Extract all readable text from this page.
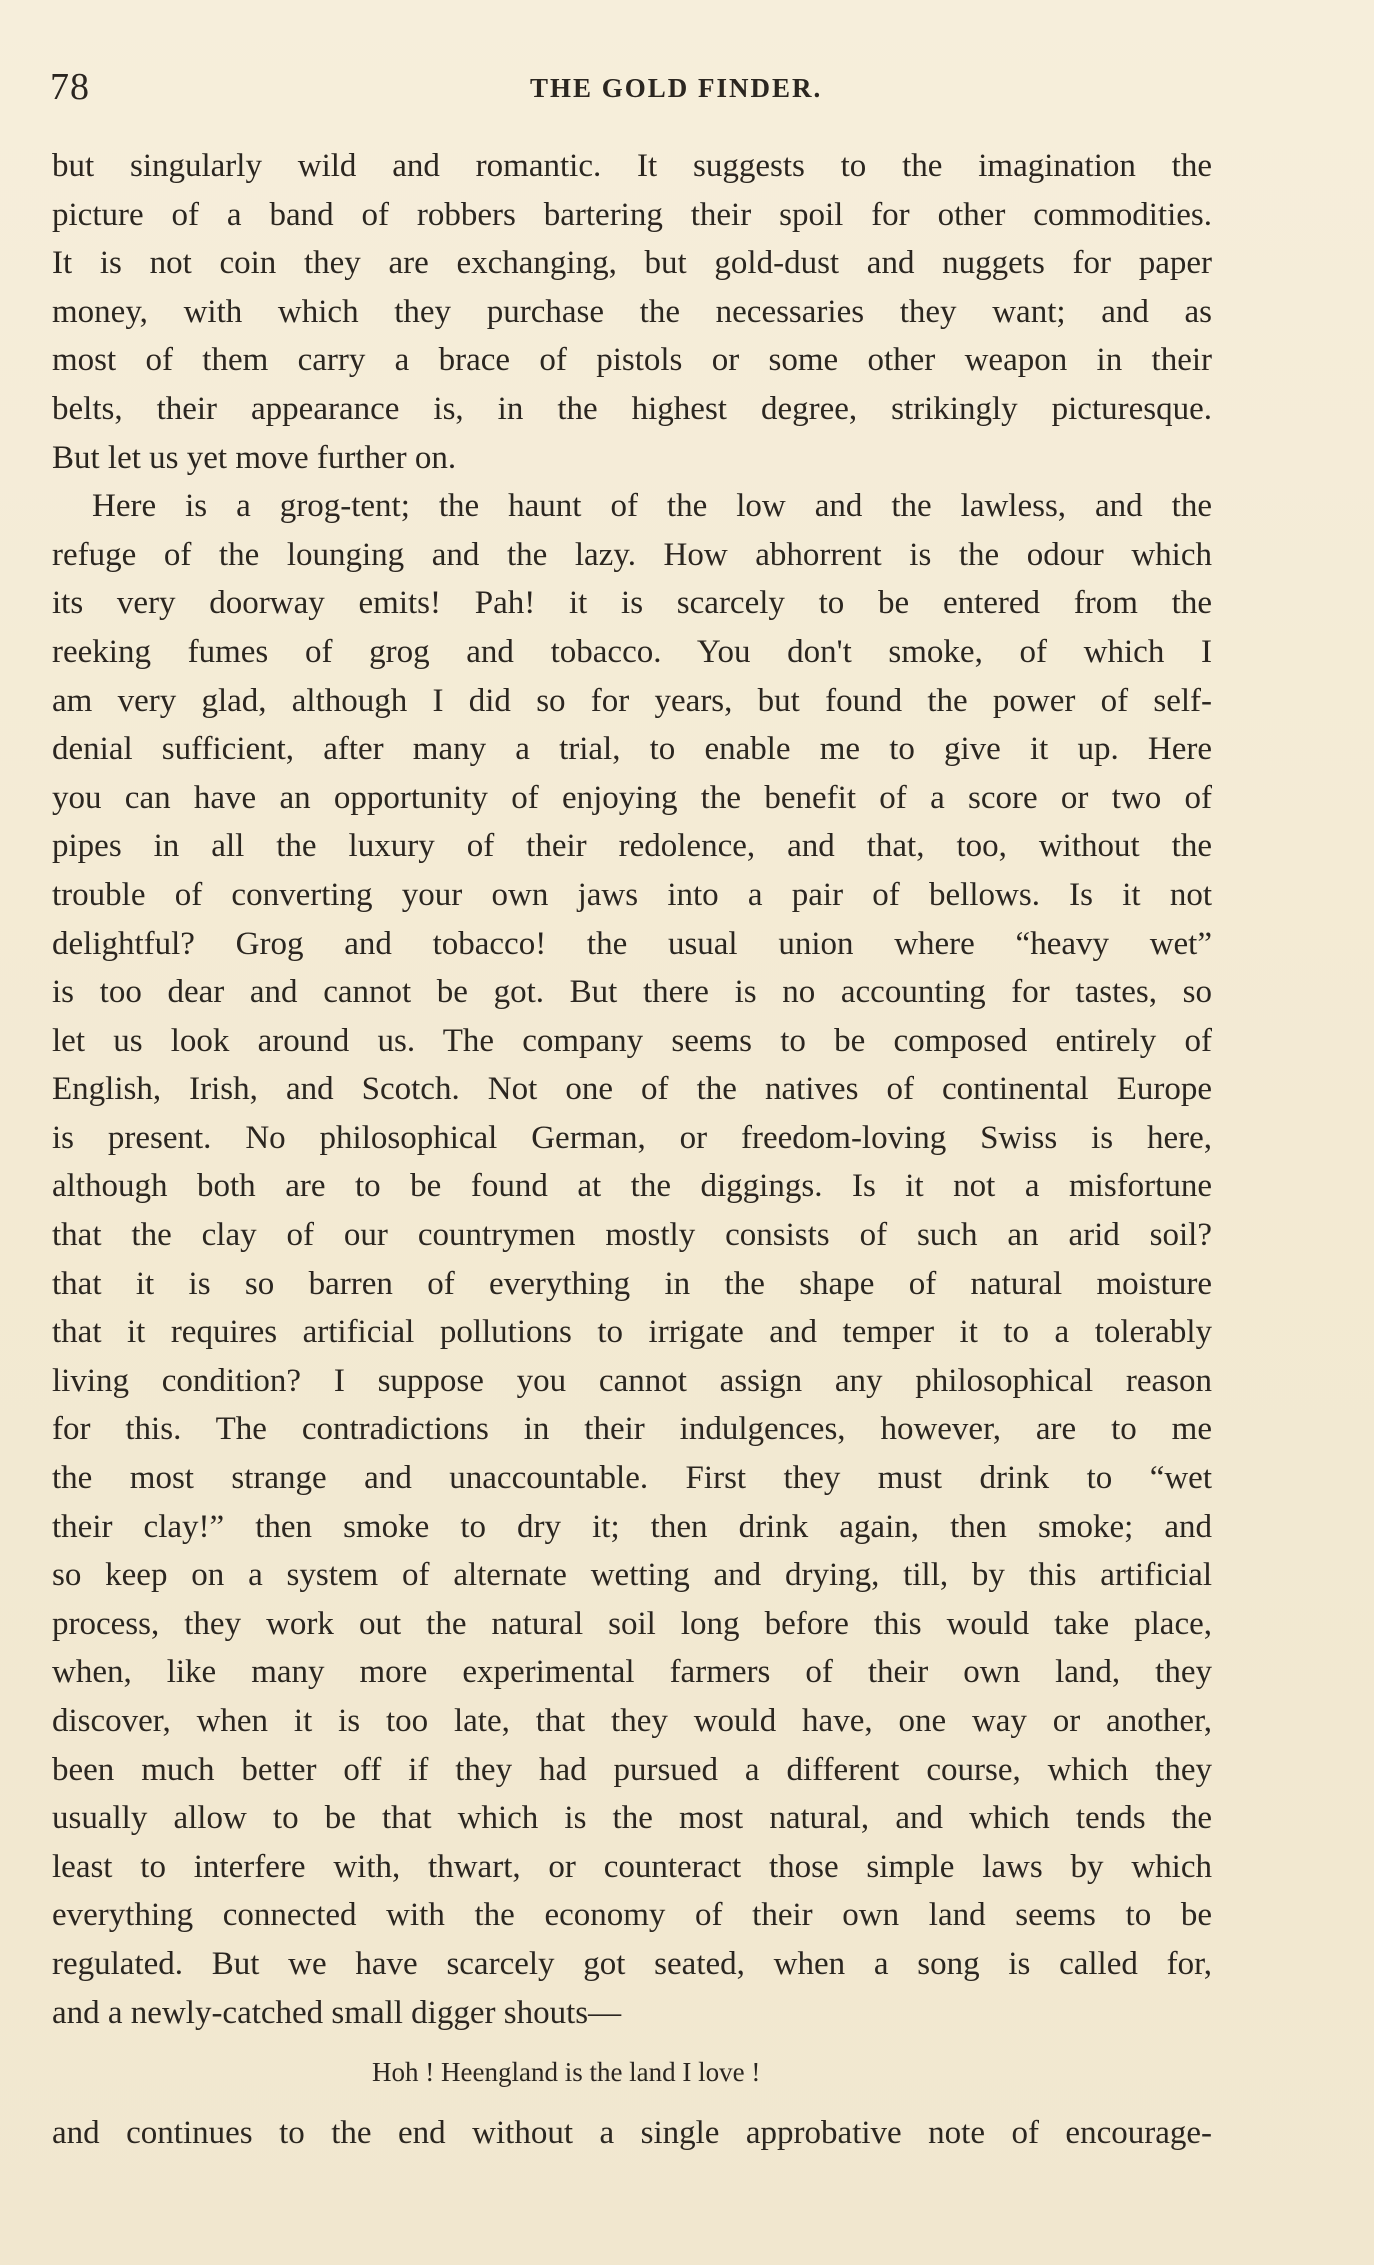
78	THE GOLD FINDER.
but singularly wild and romantic. It suggests to the imagination the
picture of a band of robbers bartering their spoil for other commodities.
It is not coin they are exchanging, but gold-dust and nuggets for paper
money, with which they purchase the necessaries they want; and as
most of them carry a brace of pistols or some other weapon in their
belts, their appearance is, in the highest degree, strikingly picturesque.
But let us yet move further on.
Here is a grog-tent; the haunt of the low and the lawless, and the
refuge of the lounging and the lazy. How abhorrent is the odour which
its very doorway emits! Pah! it is scarcely to be entered from the
reeking fumes of grog and tobacco. You don't smoke, of which I
am very glad, although I did so for years, but found the power of self-
denial sufficient, after many a trial, to enable me to give it up. Here
you can have an opportunity of enjoying the benefit of a score or two of
pipes in all the luxury of their redolence, and that, too, without the
trouble of converting your own jaws into a pair of bellows. Is it not
delightful? Grog and tobacco! the usual union where “heavy wet”
is too dear and cannot be got. But there is no accounting for tastes, so
let us look around us. The company seems to be composed entirely of
English, Irish, and Scotch. Not one of the natives of continental Europe
is present. No philosophical German, or freedom-loving Swiss is here,
although both are to be found at the diggings. Is it not a misfortune
that the clay of our countrymen mostly consists of such an arid soil?
that it is so barren of everything in the shape of natural moisture
that it requires artificial pollutions to irrigate and temper it to a tolerably
living condition? I suppose you cannot assign any philosophical reason
for this. The contradictions in their indulgences, however, are to me
the most strange and unaccountable. First they must drink to “wet
their clay!” then smoke to dry it; then drink again, then smoke; and
so keep on a system of alternate wetting and drying, till, by this artificial
process, they work out the natural soil long before this would take place,
when, like many more experimental farmers of their own land, they
discover, when it is too late, that they would have, one way or another,
been much better off if they had pursued a different course, which they
usually allow to be that which is the most natural, and which tends the
least to interfere with, thwart, or counteract those simple laws by which
everything connected with the economy of their own land seems to be
regulated. But we have scarcely got seated, when a song is called for,
and a newly-catched small digger shouts—
Hoh ! Heengland is the land I love !
and continues to the end without a single approbative note of encourage-
